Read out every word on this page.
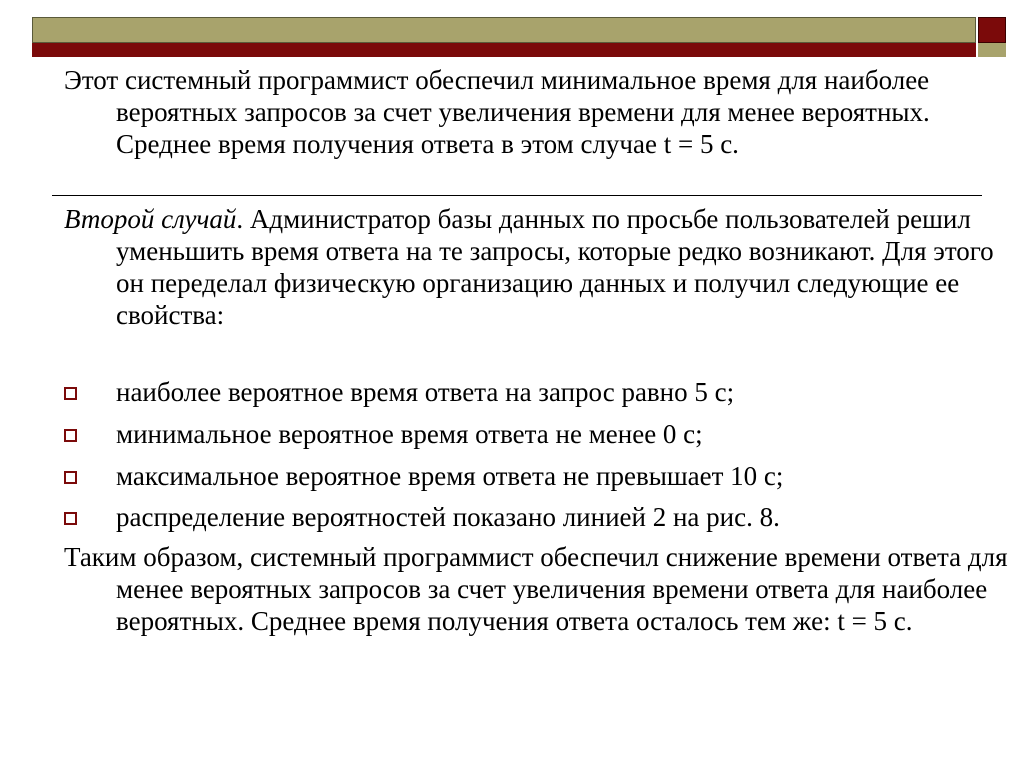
Этот системный программист обеспечил минимальное время для наиболее вероятных запросов за счет увеличения времени для менее вероятных. Среднее время получения ответа в этом случае t = 5 с.

Второй случай. Администратор базы данных по просьбе пользователей решил уменьшить время ответа на те запросы, которые редко возникают. Для этого он переделал физическую организацию данных и получил следующие ее свойства:

наиболее вероятное время ответа на запрос равно 5 с;
минимальное вероятное время ответа не менее 0 с;
максимальное вероятное время ответа не превышает 10 с;
распределение вероятностей показано линией 2 на рис. 8.

Таким образом, системный программист обеспечил снижение времени ответа для менее вероятных запросов за счет увеличения времени ответа для наиболее вероятных. Среднее время получения ответа осталось тем же: t = 5 с.
